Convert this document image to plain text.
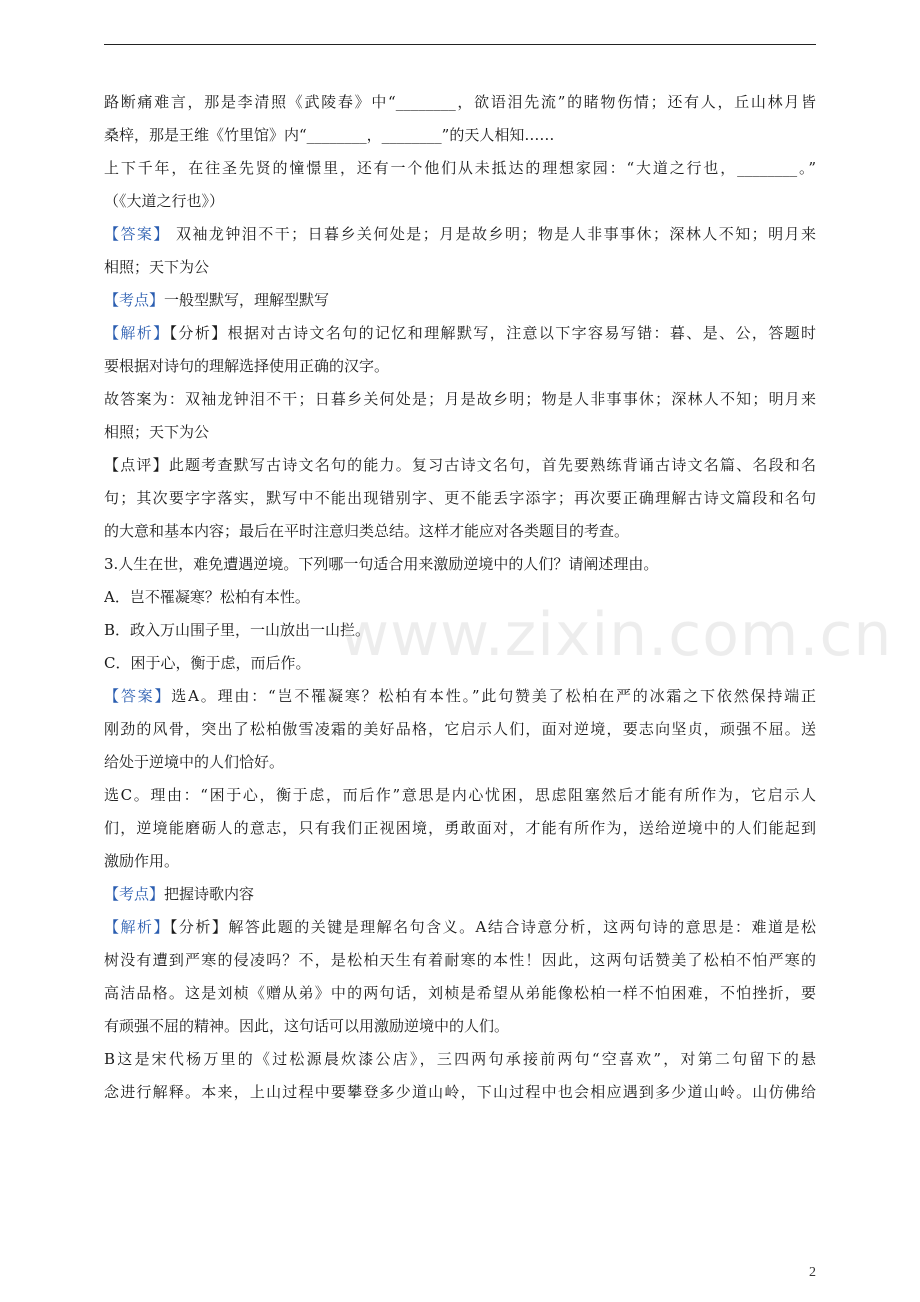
www.zixin.com.cn
路断痛难言，那是李清照《武陵春》中“________，欲语泪先流”的睹物伤情；还有人，丘山林月皆
桑梓，那是王维《竹里馆》内“________，________”的天人相知……
上下千年，在往圣先贤的憧憬里，还有一个他们从未抵达的理想家园：“大道之行也，________。”
（《大道之行也》）
【答案】 双袖龙钟泪不干；日暮乡关何处是；月是故乡明；物是人非事事休；深林人不知；明月来
相照；天下为公
【考点】一般型默写，理解型默写
【解析】【分析】根据对古诗文名句的记忆和理解默写，注意以下字容易写错：暮、是、公，答题时
要根据对诗句的理解选择使用正确的汉字。
故答案为：双袖龙钟泪不干；日暮乡关何处是；月是故乡明；物是人非事事休；深林人不知；明月来
相照；天下为公
【点评】此题考查默写古诗文名句的能力。复习古诗文名句，首先要熟练背诵古诗文名篇、名段和名
句；其次要字字落实，默写中不能出现错别字、更不能丢字添字；再次要正确理解古诗文篇段和名句
的大意和基本内容；最后在平时注意归类总结。这样才能应对各类题目的考查。
3.人生在世，难免遭遇逆境。下列哪一句适合用来激励逆境中的人们？请阐述理由。
A．岂不罹凝寒？松柏有本性。
B．政入万山围子里，一山放出一山拦。
C．困于心，衡于虑，而后作。
【答案】选A。理由：“岂不罹凝寒？松柏有本性。”此句赞美了松柏在严的冰霜之下依然保持端正
刚劲的风骨，突出了松柏傲雪凌霜的美好品格，它启示人们，面对逆境，要志向坚贞，顽强不屈。送
给处于逆境中的人们恰好。
选C。理由：“困于心，衡于虑，而后作”意思是内心忧困，思虑阻塞然后才能有所作为，它启示人
们，逆境能磨砺人的意志，只有我们正视困境，勇敢面对，才能有所作为，送给逆境中的人们能起到
激励作用。
【考点】把握诗歌内容
【解析】【分析】解答此题的关键是理解名句含义。A结合诗意分析，这两句诗的意思是：难道是松
树没有遭到严寒的侵凌吗？不，是松柏天生有着耐寒的本性！因此，这两句话赞美了松柏不怕严寒的
高洁品格。这是刘桢《赠从弟》中的两句话，刘桢是希望从弟能像松柏一样不怕困难，不怕挫折，要
有顽强不屈的精神。因此，这句话可以用激励逆境中的人们。
B这是宋代杨万里的《过松源晨炊漆公店》，三四两句承接前两句“空喜欢”，对第二句留下的悬
念进行解释。本来，上山过程中要攀登多少道山岭，下山过程中也会相应遇到多少道山岭。山仿佛给
2
